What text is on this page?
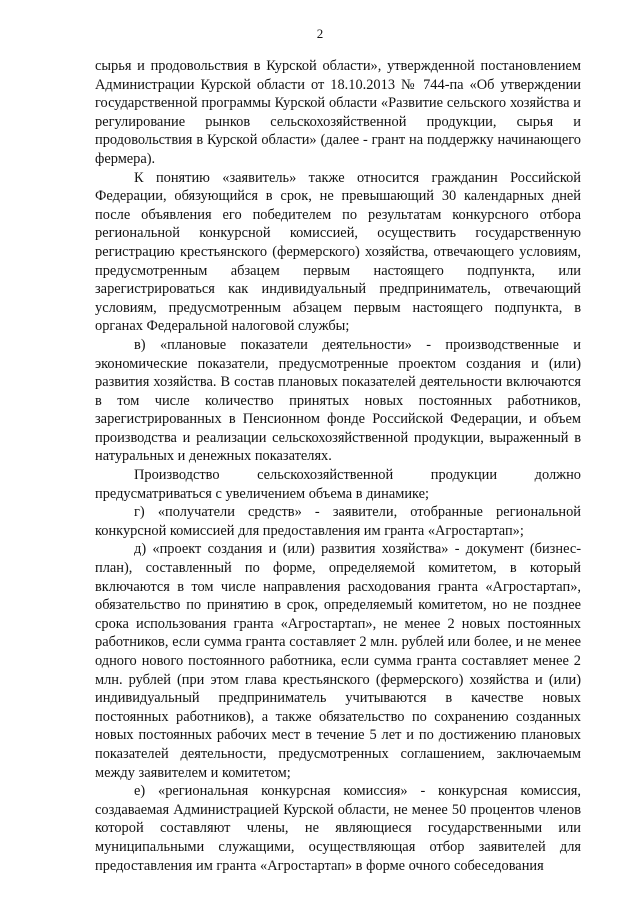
2

сырья и продовольствия в Курской области», утвержденной постановлением Администрации Курской области от 18.10.2013 № 744-па «Об утверждении государственной программы Курской области «Развитие сельского хозяйства и регулирование рынков сельскохозяйственной продукции, сырья и продовольствия в Курской области» (далее - грант на поддержку начинающего фермера).

К понятию «заявитель» также относится гражданин Российской Федерации, обязующийся в срок, не превышающий 30 календарных дней после объявления его победителем по результатам конкурсного отбора региональной конкурсной комиссией, осуществить государственную регистрацию крестьянского (фермерского) хозяйства, отвечающего условиям, предусмотренным абзацем первым настоящего подпункта, или зарегистрироваться как индивидуальный предприниматель, отвечающий условиям, предусмотренным абзацем первым настоящего подпункта, в органах Федеральной налоговой службы;

в) «плановые показатели деятельности» - производственные и экономические показатели, предусмотренные проектом создания и (или) развития хозяйства. В состав плановых показателей деятельности включаются в том числе количество принятых новых постоянных работников, зарегистрированных в Пенсионном фонде Российской Федерации, и объем производства и реализации сельскохозяйственной продукции, выраженный в натуральных и денежных показателях.

Производство сельскохозяйственной продукции должно предусматриваться с увеличением объема в динамике;

г) «получатели средств» - заявители, отобранные региональной конкурсной комиссией для предоставления им гранта «Агростартап»;

д) «проект создания и (или) развития хозяйства» - документ (бизнес-план), составленный по форме, определяемой комитетом, в который включаются в том числе направления расходования гранта «Агростартап», обязательство по принятию в срок, определяемый комитетом, но не позднее срока использования гранта «Агростартап», не менее 2 новых постоянных работников, если сумма гранта составляет 2 млн. рублей или более, и не менее одного нового постоянного работника, если сумма гранта составляет менее 2 млн. рублей (при этом глава крестьянского (фермерского) хозяйства и (или) индивидуальный предприниматель учитываются в качестве новых постоянных работников), а также обязательство по сохранению созданных новых постоянных рабочих мест в течение 5 лет и по достижению плановых показателей деятельности, предусмотренных соглашением, заключаемым между заявителем и комитетом;

е) «региональная конкурсная комиссия» - конкурсная комиссия, создаваемая Администрацией Курской области, не менее 50 процентов членов которой составляют члены, не являющиеся государственными или муниципальными служащими, осуществляющая отбор заявителей для предоставления им гранта «Агростартап» в форме очного собеседования
